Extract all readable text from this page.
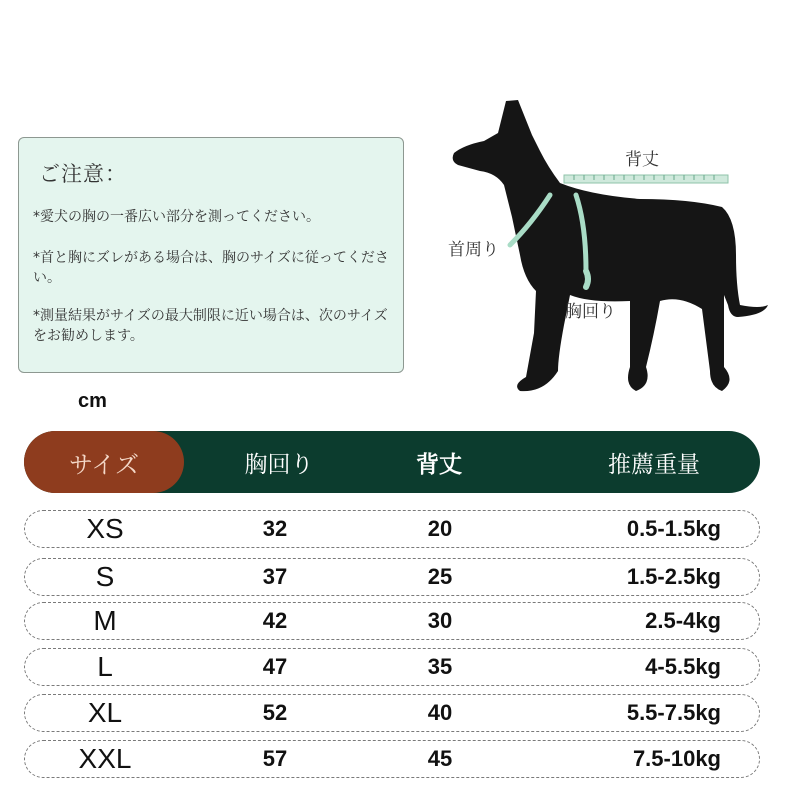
ご注意：
*愛犬の胸の一番広い部分を測ってください。
*首と胸にズレがある場合は、胸のサイズに従ってください。
*測量結果がサイズの最大制限に近い場合は、次のサイズをお勧めします。
cm
背丈
首周り
胸回り
サイズ	胸回り	背丈	推薦重量
XS	32	20	0.5-1.5kg
S	37	25	1.5-2.5kg
M	42	30	2.5-4kg
L	47	35	4-5.5kg
XL	52	40	5.5-7.5kg
XXL	57	45	7.5-10kg
